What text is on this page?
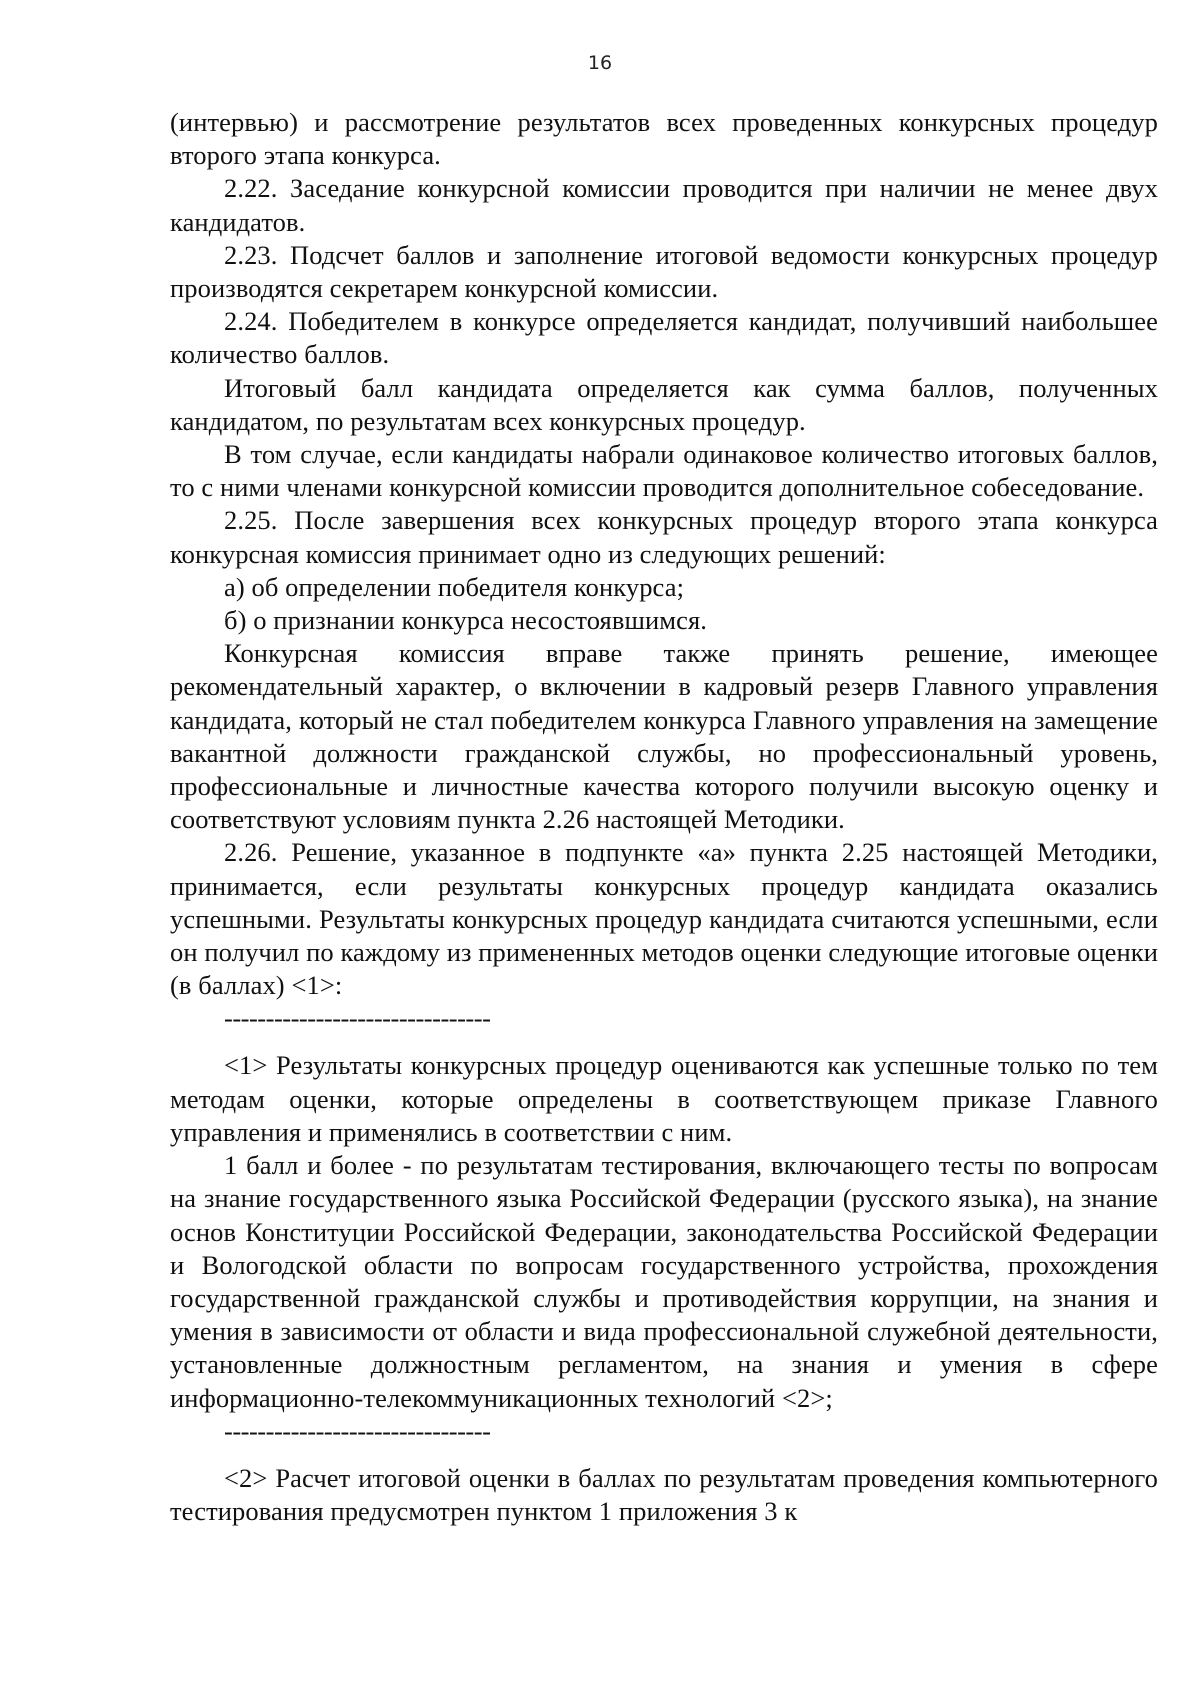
16

(интервью) и рассмотрение результатов всех проведенных конкурсных процедур второго этапа конкурса.

2.22. Заседание конкурсной комиссии проводится при наличии не менее двух кандидатов.

2.23. Подсчет баллов и заполнение итоговой ведомости конкурсных процедур производятся секретарем конкурсной комиссии.

2.24. Победителем в конкурсе определяется кандидат, получивший наибольшее количество баллов.

Итоговый балл кандидата определяется как сумма баллов, полученных кандидатом, по результатам всех конкурсных процедур.

В том случае, если кандидаты набрали одинаковое количество итоговых баллов, то с ними членами конкурсной комиссии проводится дополнительное собеседование.

2.25. После завершения всех конкурсных процедур второго этапа конкурса конкурсная комиссия принимает одно из следующих решений:

а) об определении победителя конкурса;

б) о признании конкурса несостоявшимся.

Конкурсная комиссия вправе также принять решение, имеющее рекомендательный характер, о включении в кадровый резерв Главного управления кандидата, который не стал победителем конкурса Главного управления на замещение вакантной должности гражданской службы, но профессиональный уровень, профессиональные и личностные качества которого получили высокую оценку и соответствуют условиям пункта 2.26 настоящей Методики.

2.26. Решение, указанное в подпункте «а» пункта 2.25 настоящей Методики, принимается, если результаты конкурсных процедур кандидата оказались успешными. Результаты конкурсных процедур кандидата считаются успешными, если он получил по каждому из примененных методов оценки следующие итоговые оценки (в баллах) <1>:

--------------------------------

<1> Результаты конкурсных процедур оцениваются как успешные только по тем методам оценки, которые определены в соответствующем приказе Главного управления и применялись в соответствии с ним.

1 балл и более - по результатам тестирования, включающего тесты по вопросам на знание государственного языка Российской Федерации (русского языка), на знание основ Конституции Российской Федерации, законодательства Российской Федерации и Вологодской области по вопросам государственного устройства, прохождения государственной гражданской службы и противодействия коррупции, на знания и умения в зависимости от области и вида профессиональной служебной деятельности, установленные должностным регламентом, на знания и умения в сфере информационно-телекоммуникационных технологий <2>;

--------------------------------

<2> Расчет итоговой оценки в баллах по результатам проведения компьютерного тестирования предусмотрен пунктом 1 приложения 3 к
